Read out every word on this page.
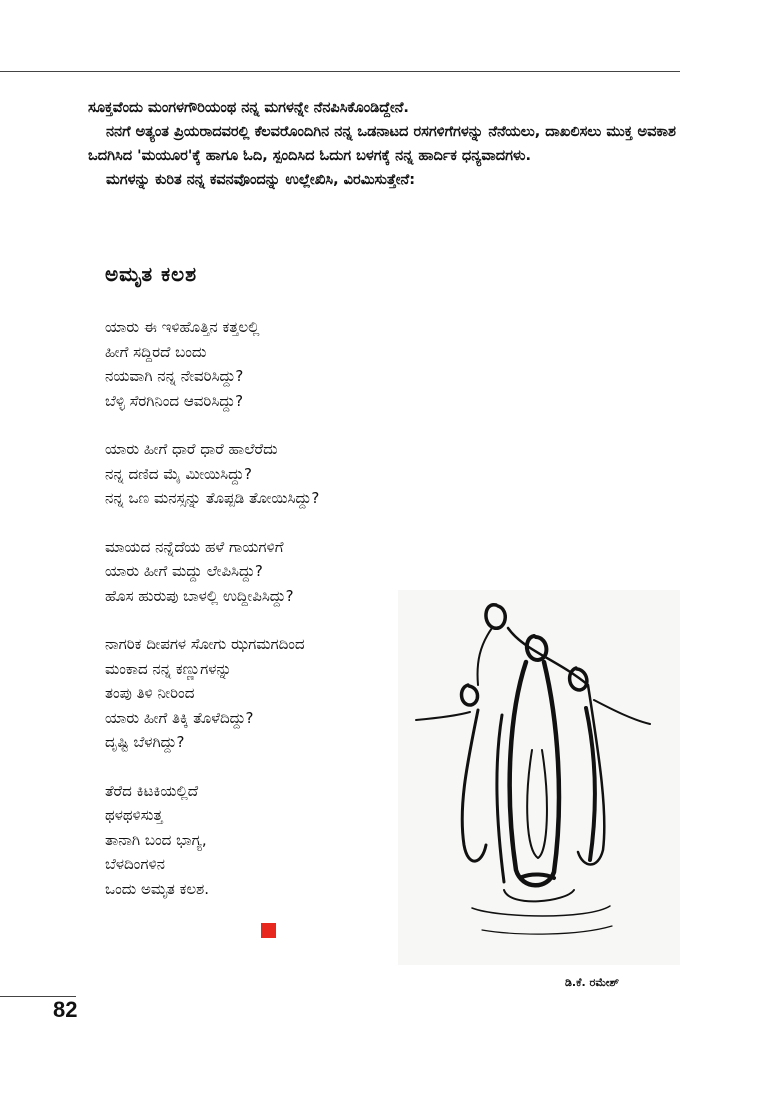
ಸೂಕ್ತವೆಂದು ಮಂಗಳಗೌರಿಯಂಥ ನನ್ನ ಮಗಳನ್ನೇ ನೆನಪಿಸಿಕೊಂಡಿದ್ದೇನೆ.

ನನಗೆ ಅತ್ಯಂತ ಪ್ರಿಯರಾದವರಲ್ಲಿ ಕೆಲವರೊಂದಿಗಿನ ನನ್ನ ಒಡನಾಟದ ರಸಗಳಿಗೆಗಳನ್ನು ನೆನೆಯಲು, ದಾಖಲಿಸಲು ಮುಕ್ತ ಅವಕಾಶ ಒದಗಿಸಿದ 'ಮಯೂರ'ಕ್ಕೆ ಹಾಗೂ ಓದಿ, ಸ್ಪಂದಿಸಿದ ಓದುಗ ಬಳಗಕ್ಕೆ ನನ್ನ ಹಾರ್ದಿಕ ಧನ್ಯವಾದಗಳು.

ಮಗಳನ್ನು ಕುರಿತ ನನ್ನ ಕವನವೊಂದನ್ನು ಉಲ್ಲೇಖಿಸಿ, ವಿರಮಿಸುತ್ತೇನೆ:

ಅಮೃತ ಕಲಶ
ಯಾರು ಈ ಇಳಿಹೊತ್ತಿನ ಕತ್ತಲಲ್ಲಿ
ಹೀಗೆ ಸದ್ದಿರದೆ ಬಂದು
ನಯವಾಗಿ ನನ್ನ ನೇವರಿಸಿದ್ದು?
ಬೆಳ್ಳಿ ಸೆರಗಿನಿಂದ ಆವರಿಸಿದ್ದು?
ಯಾರು ಹೀಗೆ ಧಾರೆ ಧಾರೆ ಹಾಲೆರೆದು
ನನ್ನ ದಣಿದ ಮೈ ಮೀಯಿಸಿದ್ದು?
ನನ್ನ ಒಣ ಮನಸ್ಸನ್ನು ತೊಪ್ಪಡಿ ತೋಯಿಸಿದ್ದು?
ಮಾಯದ ನನ್ನೆದೆಯ ಹಳೆ ಗಾಯಗಳಿಗೆ
ಯಾರು ಹೀಗೆ ಮದ್ದು ಲೇಪಿಸಿದ್ದು?
ಹೊಸ ಹುರುಪು ಬಾಳಲ್ಲಿ ಉದ್ದೀಪಿಸಿದ್ದು?
ನಾಗರಿಕ ದೀಪಗಳ ಸೋಗು ಝಗಮಗದಿಂದ
ಮಂಕಾದ ನನ್ನ ಕಣ್ಣುಗಳನ್ನು
ತಂಪು ತಿಳಿ ನೀರಿಂದ
ಯಾರು ಹೀಗೆ ತಿಕ್ಕಿ ತೊಳೆದಿದ್ದು?
ದೃಷ್ಟಿ ಬೆಳಗಿದ್ದು?
ತೆರೆದ ಕಿಟಕಿಯಲ್ಲಿದೆ
ಥಳಥಳಿಸುತ್ತ
ತಾನಾಗಿ ಬಂದ ಭಾಗ್ಯ,
ಬೆಳದಿಂಗಳಿನ
ಒಂದು ಅಮೃತ ಕಲಶ.
ಡಿ.ಕೆ. ರಮೇಶ್
82
